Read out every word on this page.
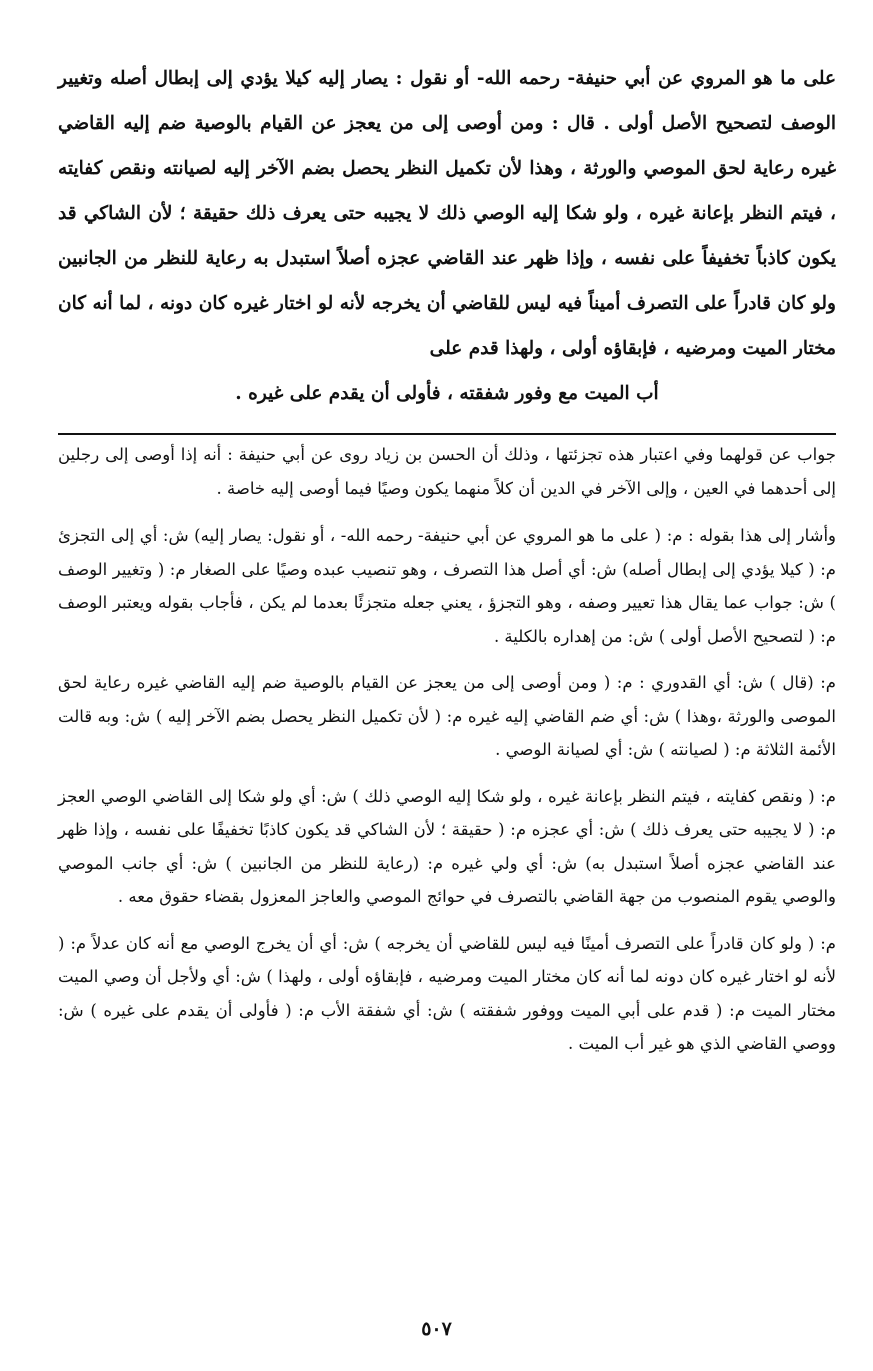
على ما هو المروي عن أبي حنيفة- رحمه الله- أو نقول : يصار إليه كيلا يؤدي إلى إبطال أصله وتغيير الوصف لتصحيح الأصل أولى . قال : ومن أوصى إلى من يعجز عن القيام بالوصية ضم إليه القاضي غيره رعاية لحق الموصي والورثة ، وهذا لأن تكميل النظر يحصل بضم الآخر إليه لصيانته ونقص كفايته ، فيتم النظر بإعانة غيره ، ولو شكا إليه الوصي ذلك لا يجيبه حتى يعرف ذلك حقيقة ؛ لأن الشاكي قد يكون كاذباً تخفيفاً على نفسه ، وإذا ظهر عند القاضي عجزه أصلاً استبدل به رعاية للنظر من الجانبين ولو كان قادراً على التصرف أميناً فيه ليس للقاضي أن يخرجه لأنه لو اختار غيره كان دونه ، لما أنه كان مختار الميت ومرضيه ، فإبقاؤه أولى ، ولهذا قدم على
أب الميت مع وفور شفقته ، فأولى أن يقدم على غيره .

جواب عن قولهما وفي اعتبار هذه تجزئتها ، وذلك أن الحسن بن زياد روى عن أبي حنيفة : أنه إذا أوصى إلى رجلين إلى أحدهما في العين ، وإلى الآخر في الدين أن كلاً منهما يكون وصيًا فيما أوصى إليه خاصة .

وأشار إلى هذا بقوله : م: ( على ما هو المروي عن أبي حنيفة- رحمه الله- ، أو نقول: يصار إليه) ش: أي إلى التجزئ م: ( كيلا يؤدي إلى إبطال أصله) ش: أي أصل هذا التصرف ، وهو تنصيب عبده وصيًا على الصغار م: ( وتغيير الوصف ) ش: جواب عما يقال هذا تعيير وصفه ، وهو التجزؤ ، يعني جعله متجزئًا بعدما لم يكن ، فأجاب بقوله ويعتبر الوصف م: ( لتصحيح الأصل أولى ) ش: من إهداره بالكلية .

م: (قال ) ش: أي القدوري : م: ( ومن أوصى إلى من يعجز عن القيام بالوصية ضم إليه القاضي غيره رعاية لحق الموصى والورثة ،وهذا ) ش: أي ضم القاضي إليه غيره م: ( لأن تكميل النظر يحصل بضم الآخر إليه ) ش: وبه قالت الأئمة الثلاثة م: ( لصيانته ) ش: أي لصيانة الوصي .

م: ( ونقص كفايته ، فيتم النظر بإعانة غيره ، ولو شكا إليه الوصي ذلك ) ش: أي ولو شكا إلى القاضي الوصي العجز م: ( لا يجيبه حتى يعرف ذلك ) ش: أي عجزه م: ( حقيقة ؛ لأن الشاكي قد يكون كاذبًا تخفيفًا على نفسه ، وإذا ظهر عند القاضي عجزه أصلاً استبدل به) ش: أي ولي غيره م: (رعاية للنظر من الجانبين ) ش: أي جانب الموصي والوصي يقوم المنصوب من جهة القاضي بالتصرف في حوائج الموصي والعاجز المعزول بقضاء حقوق معه .

م: ( ولو كان قادراً على التصرف أمينًا فيه ليس للقاضي أن يخرجه ) ش: أي أن يخرج الوصي مع أنه كان عدلاً م: ( لأنه لو اختار غيره كان دونه لما أنه كان مختار الميت ومرضيه ، فإبقاؤه أولى ، ولهذا ) ش: أي ولأجل أن وصي الميت مختار الميت م: ( قدم على أبي الميت ووفور شفقته ) ش: أي شفقة الأب م: ( فأولى أن يقدم على غيره ) ش: ووصي القاضي الذي هو غير أب الميت .

٥٠٧
